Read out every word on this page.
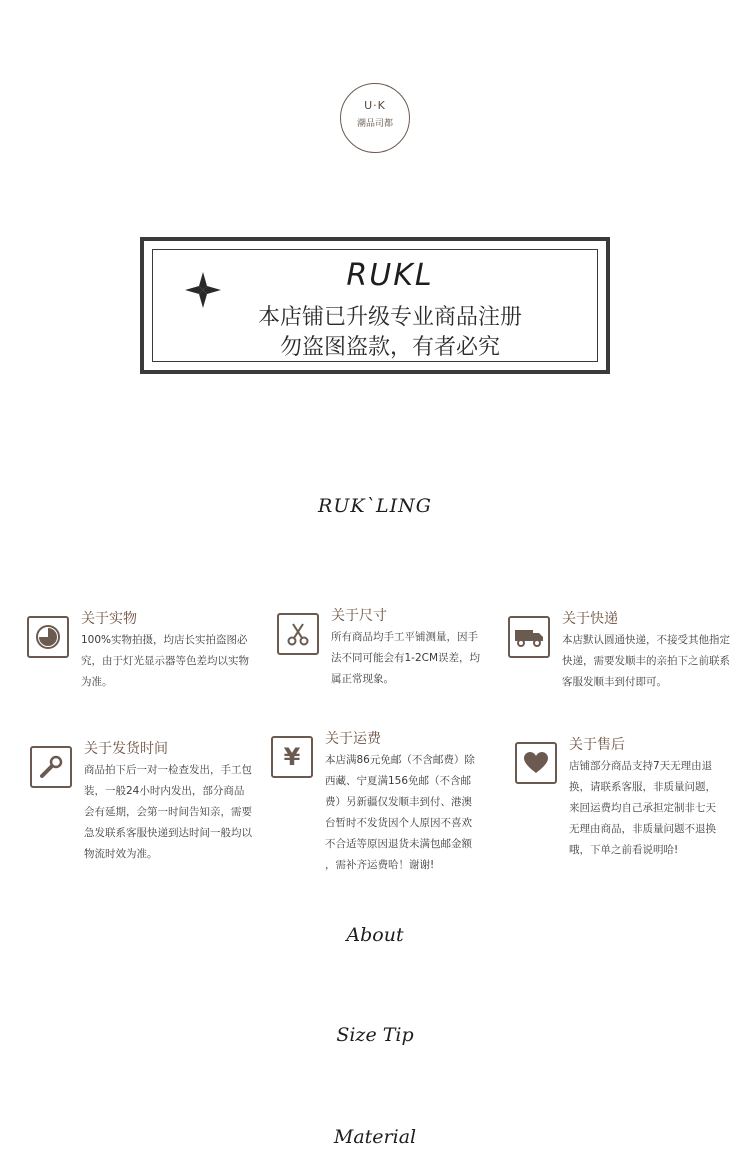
U·K
潮品司都
RUKL
本店铺已升级专业商品注册
勿盗图盗款，有者必究
RUK`LING
关于实物
100%实物拍摄，均店长实拍盗图必
究，由于灯光显示器等色差均以实物
为准。
关于尺寸
所有商品均手工平铺测量，因手
法不同可能会有1-2CM误差，均
属正常现象。
关于快递
本店默认圆通快递，不接受其他指定
快递，需要发顺丰的亲拍下之前联系
客服发顺丰到付即可。
关于发货时间
商品拍下后一对一检查发出，手工包
装，一般24小时内发出，部分商品
会有延期，会第一时间告知亲，需要
急发联系客服快递到达时间一般均以
物流时效为准。
¥
关于运费
本店满86元免邮（不含邮费）除
西藏、宁夏满156免邮（不含邮
费）另新疆仅发顺丰到付、港澳
台暂时不发货因个人原因不喜欢
不合适等原因退货未满包邮金额
，需补齐运费哈！谢谢!
关于售后
店铺部分商品支持7天无理由退
换，请联系客服，非质量问题，
来回运费均自己承担定制非七天
无理由商品，非质量问题不退换
哦，下单之前看说明哈!
About
Size Tip
Material
